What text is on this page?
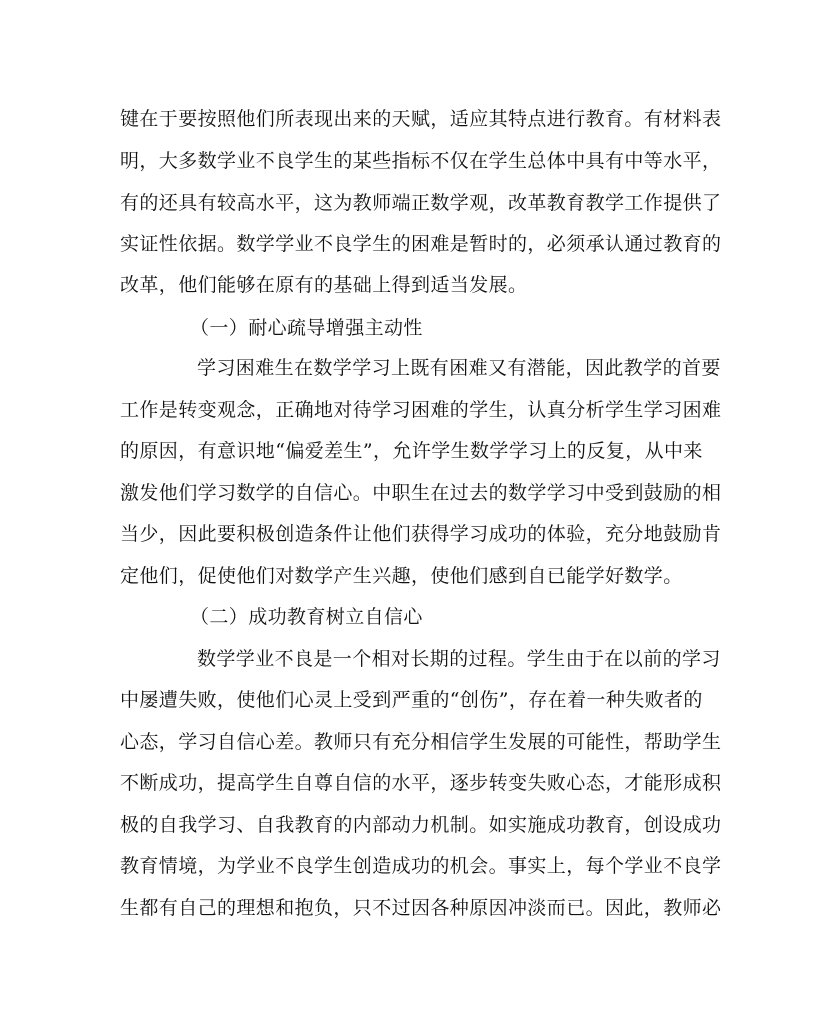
键在于要按照他们所表现出来的天赋，适应其特点进行教育。有材料表
明，大多数学业不良学生的某些指标不仅在学生总体中具有中等水平，
有的还具有较高水平，这为教师端正数学观，改革教育教学工作提供了
实证性依据。数学学业不良学生的困难是暂时的，必须承认通过教育的
改革，他们能够在原有的基础上得到适当发展。
（一）耐心疏导增强主动性
学习困难生在数学学习上既有困难又有潜能，因此教学的首要
工作是转变观念，正确地对待学习困难的学生，认真分析学生学习困难
的原因，有意识地“偏爱差生”，允许学生数学学习上的反复，从中来
激发他们学习数学的自信心。中职生在过去的数学学习中受到鼓励的相
当少，因此要积极创造条件让他们获得学习成功的体验，充分地鼓励肯
定他们，促使他们对数学产生兴趣，使他们感到自已能学好数学。
（二）成功教育树立自信心
数学学业不良是一个相对长期的过程。学生由于在以前的学习
中屡遭失败，使他们心灵上受到严重的“创伤”，存在着一种失败者的
心态，学习自信心差。教师只有充分相信学生发展的可能性，帮助学生
不断成功，提高学生自尊自信的水平，逐步转变失败心态，才能形成积
极的自我学习、自我教育的内部动力机制。如实施成功教育，创设成功
教育情境，为学业不良学生创造成功的机会。事实上，每个学业不良学
生都有自己的理想和抱负，只不过因各种原因冲淡而已。因此，教师必
